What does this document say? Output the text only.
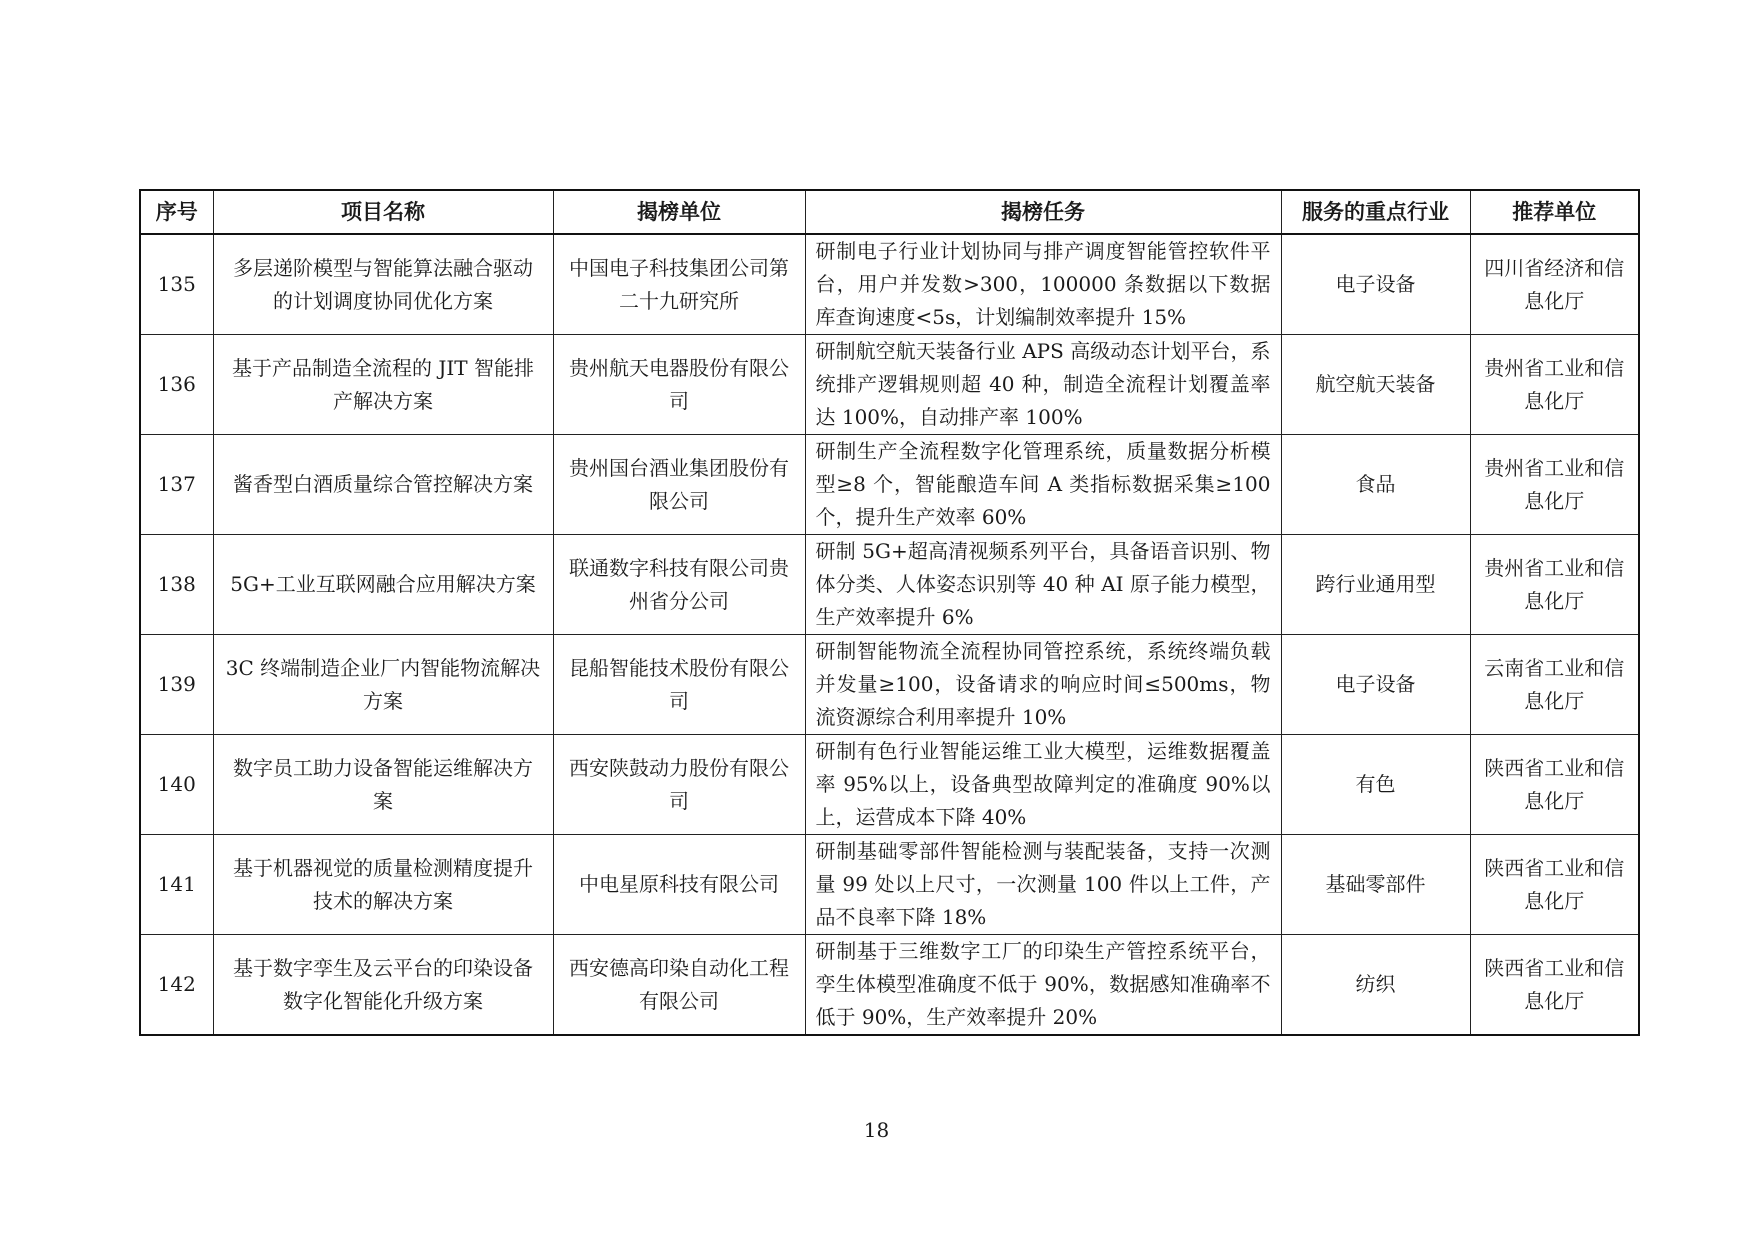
序号	项目名称	揭榜单位	揭榜任务	服务的重点行业	推荐单位
135	多层递阶模型与智能算法融合驱动的计划调度协同优化方案	中国电子科技集团公司第二十九研究所	研制电子行业计划协同与排产调度智能管控软件平台，用户并发数>300，100000 条数据以下数据库查询速度<5s，计划编制效率提升 15%	电子设备	四川省经济和信息化厅
136	基于产品制造全流程的 JIT 智能排产解决方案	贵州航天电器股份有限公司	研制航空航天装备行业 APS 高级动态计划平台，系统排产逻辑规则超 40 种，制造全流程计划覆盖率达 100%，自动排产率 100%	航空航天装备	贵州省工业和信息化厅
137	酱香型白酒质量综合管控解决方案	贵州国台酒业集团股份有限公司	研制生产全流程数字化管理系统，质量数据分析模型≥8 个，智能酿造车间 A 类指标数据采集≥100 个，提升生产效率 60%	食品	贵州省工业和信息化厅
138	5G+工业互联网融合应用解决方案	联通数字科技有限公司贵州省分公司	研制 5G+超高清视频系列平台，具备语音识别、物体分类、人体姿态识别等 40 种 AI 原子能力模型，生产效率提升 6%	跨行业通用型	贵州省工业和信息化厅
139	3C 终端制造企业厂内智能物流解决方案	昆船智能技术股份有限公司	研制智能物流全流程协同管控系统，系统终端负载并发量≥100，设备请求的响应时间≤500ms，物流资源综合利用率提升 10%	电子设备	云南省工业和信息化厅
140	数字员工助力设备智能运维解决方案	西安陕鼓动力股份有限公司	研制有色行业智能运维工业大模型，运维数据覆盖率 95%以上，设备典型故障判定的准确度 90%以上，运营成本下降 40%	有色	陕西省工业和信息化厅
141	基于机器视觉的质量检测精度提升技术的解决方案	中电星原科技有限公司	研制基础零部件智能检测与装配装备，支持一次测量 99 处以上尺寸，一次测量 100 件以上工件，产品不良率下降 18%	基础零部件	陕西省工业和信息化厅
142	基于数字孪生及云平台的印染设备数字化智能化升级方案	西安德高印染自动化工程有限公司	研制基于三维数字工厂的印染生产管控系统平台，孪生体模型准确度不低于 90%，数据感知准确率不低于 90%，生产效率提升 20%	纺织	陕西省工业和信息化厅
18
